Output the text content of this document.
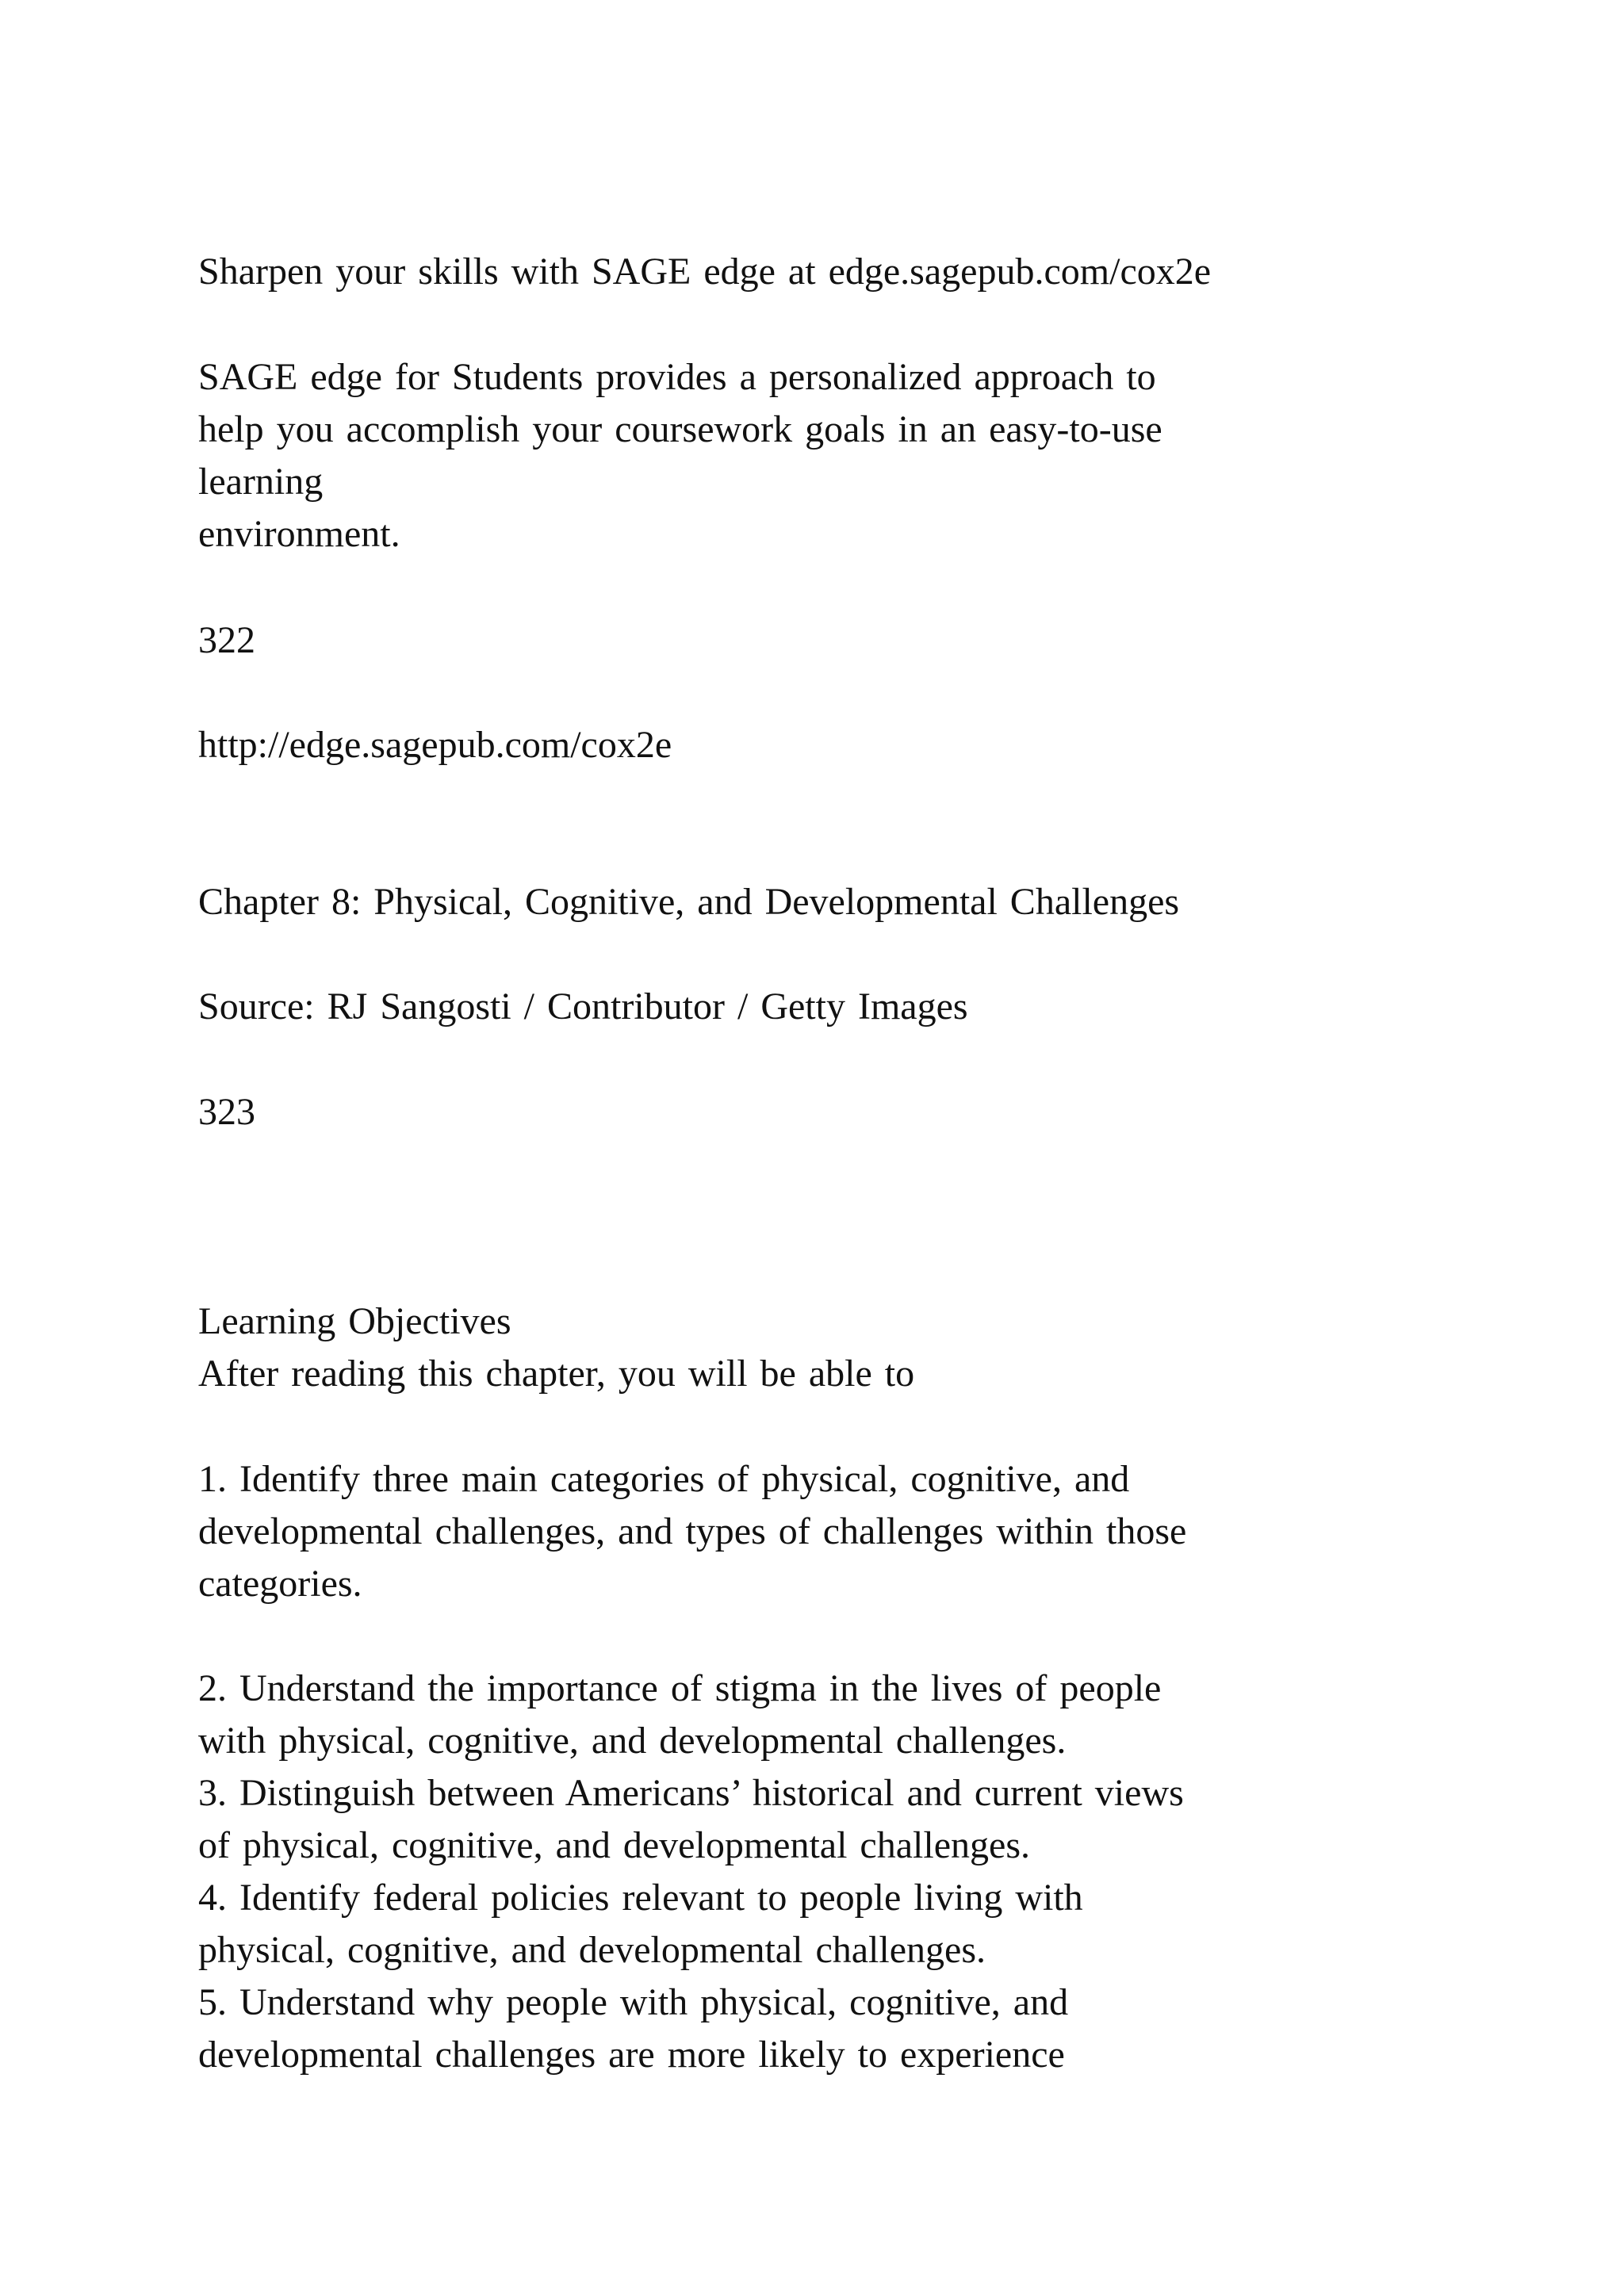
Sharpen your skills with SAGE edge at edge.sagepub.com/cox2e

SAGE edge for Students provides a personalized approach to

help you accomplish your coursework goals in an easy-to-use

learning

environment.

322

http://edge.sagepub.com/cox2e

Chapter 8: Physical, Cognitive, and Developmental Challenges

Source: RJ Sangosti / Contributor / Getty Images

323

Learning Objectives

After reading this chapter, you will be able to

1. Identify three main categories of physical, cognitive, and

developmental challenges, and types of challenges within those

categories.

2. Understand the importance of stigma in the lives of people

with physical, cognitive, and developmental challenges.

3. Distinguish between Americans’ historical and current views

of physical, cognitive, and developmental challenges.

4. Identify federal policies relevant to people living with

physical, cognitive, and developmental challenges.

5. Understand why people with physical, cognitive, and

developmental challenges are more likely to experience
